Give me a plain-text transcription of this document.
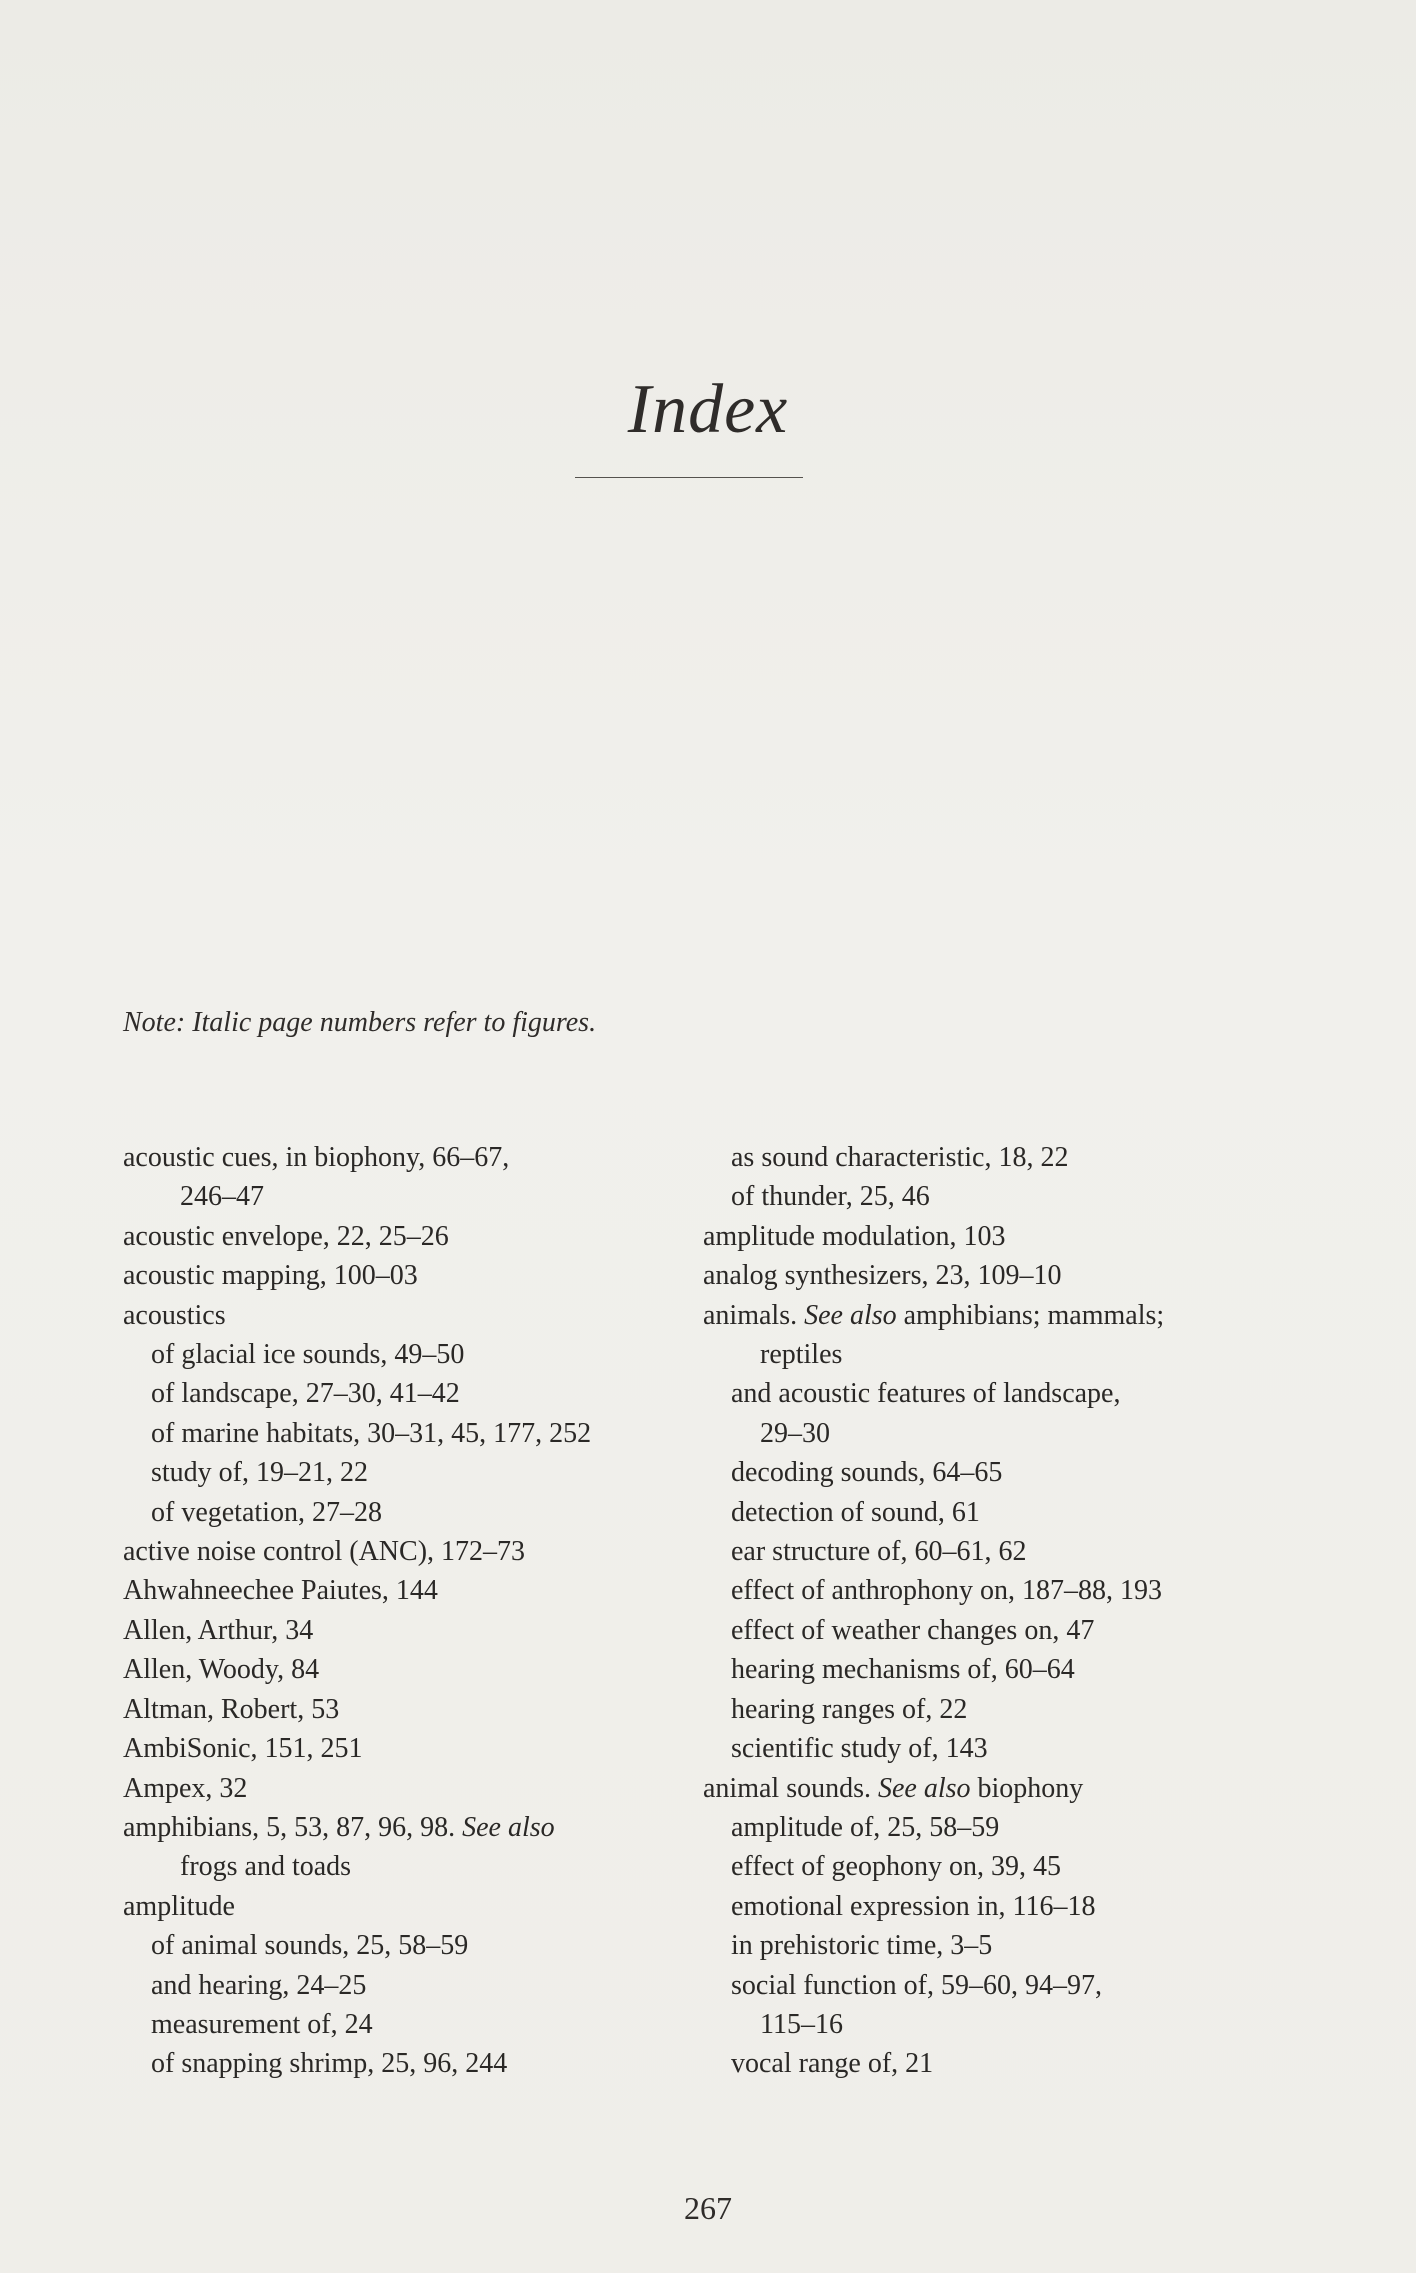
Index
Note: Italic page numbers refer to figures.
acoustic cues, in biophony, 66–67,
246–47
acoustic envelope, 22, 25–26
acoustic mapping, 100–03
acoustics
of glacial ice sounds, 49–50
of landscape, 27–30, 41–42
of marine habitats, 30–31, 45, 177, 252
study of, 19–21, 22
of vegetation, 27–28
active noise control (ANC), 172–73
Ahwahneechee Paiutes, 144
Allen, Arthur, 34
Allen, Woody, 84
Altman, Robert, 53
AmbiSonic, 151, 251
Ampex, 32
amphibians, 5, 53, 87, 96, 98. See also
frogs and toads
amplitude
of animal sounds, 25, 58–59
and hearing, 24–25
measurement of, 24
of snapping shrimp, 25, 96, 244
as sound characteristic, 18, 22
of thunder, 25, 46
amplitude modulation, 103
analog synthesizers, 23, 109–10
animals. See also amphibians; mammals;
reptiles
and acoustic features of landscape,
29–30
decoding sounds, 64–65
detection of sound, 61
ear structure of, 60–61, 62
effect of anthrophony on, 187–88, 193
effect of weather changes on, 47
hearing mechanisms of, 60–64
hearing ranges of, 22
scientific study of, 143
animal sounds. See also biophony
amplitude of, 25, 58–59
effect of geophony on, 39, 45
emotional expression in, 116–18
in prehistoric time, 3–5
social function of, 59–60, 94–97,
115–16
vocal range of, 21
267
